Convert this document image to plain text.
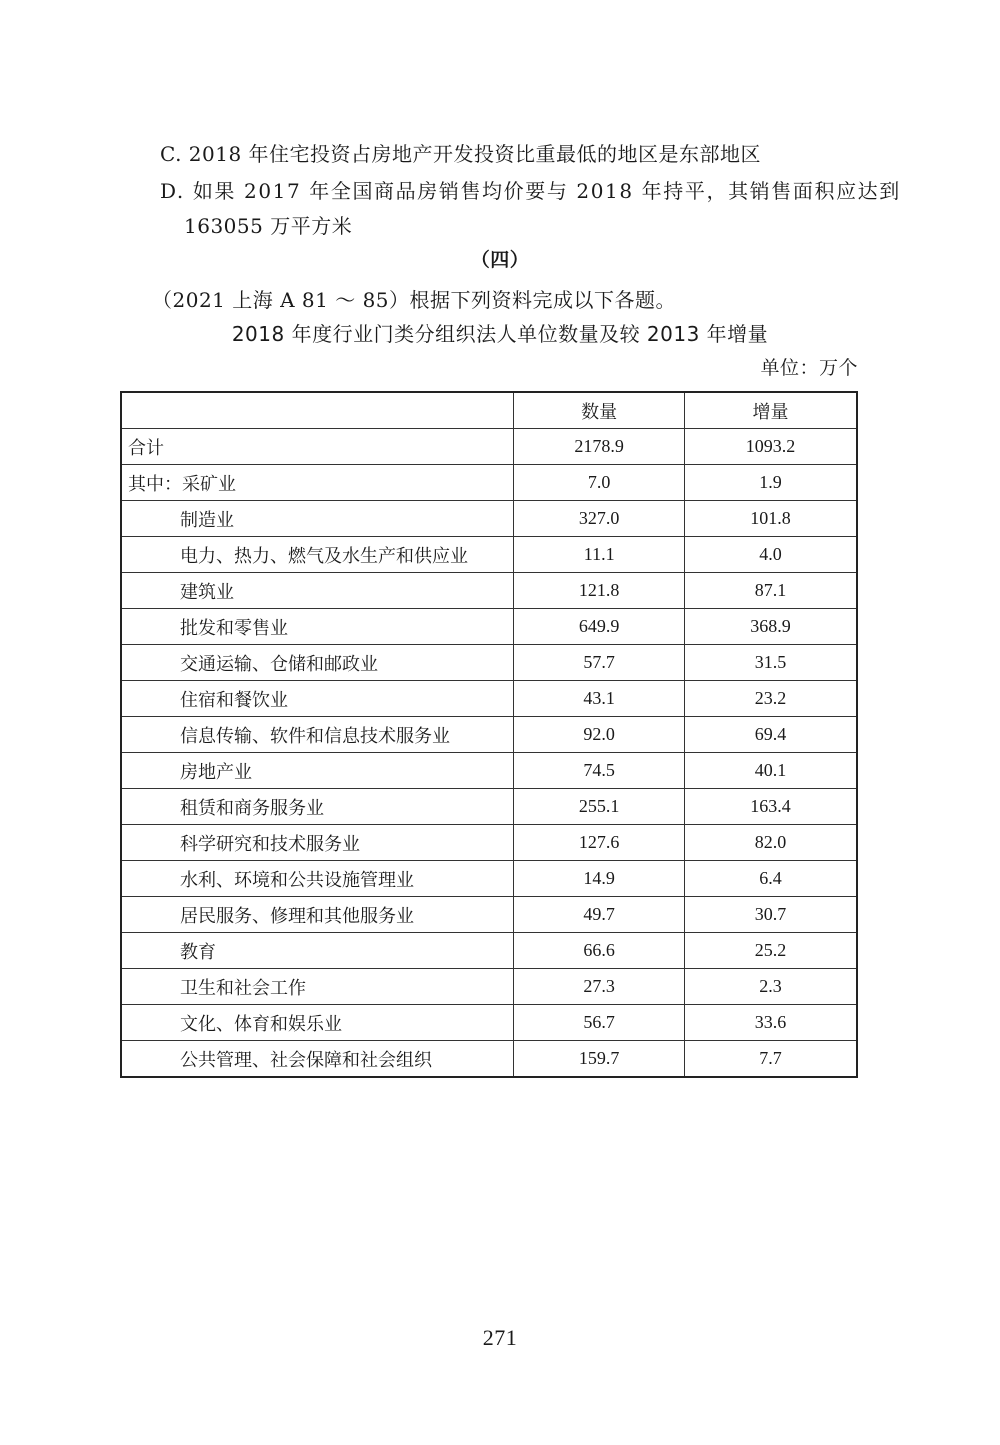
C. 2018 年住宅投资占房地产开发投资比重最低的地区是东部地区
D. 如果 2017 年全国商品房销售均价要与 2018 年持平，其销售面积应达到
163055 万平方米
（四）
（2021 上海 A 81 ～ 85）根据下列资料完成以下各题。
2018 年度行业门类分组织法人单位数量及较 2013 年增量
单位：万个
	数量	增量
合计	2178.9	1093.2
其中：采矿业	7.0	1.9
制造业	327.0	101.8
电力、热力、燃气及水生产和供应业	11.1	4.0
建筑业	121.8	87.1
批发和零售业	649.9	368.9
交通运输、仓储和邮政业	57.7	31.5
住宿和餐饮业	43.1	23.2
信息传输、软件和信息技术服务业	92.0	69.4
房地产业	74.5	40.1
租赁和商务服务业	255.1	163.4
科学研究和技术服务业	127.6	82.0
水利、环境和公共设施管理业	14.9	6.4
居民服务、修理和其他服务业	49.7	30.7
教育	66.6	25.2
卫生和社会工作	27.3	2.3
文化、体育和娱乐业	56.7	33.6
公共管理、社会保障和社会组织	159.7	7.7
271
